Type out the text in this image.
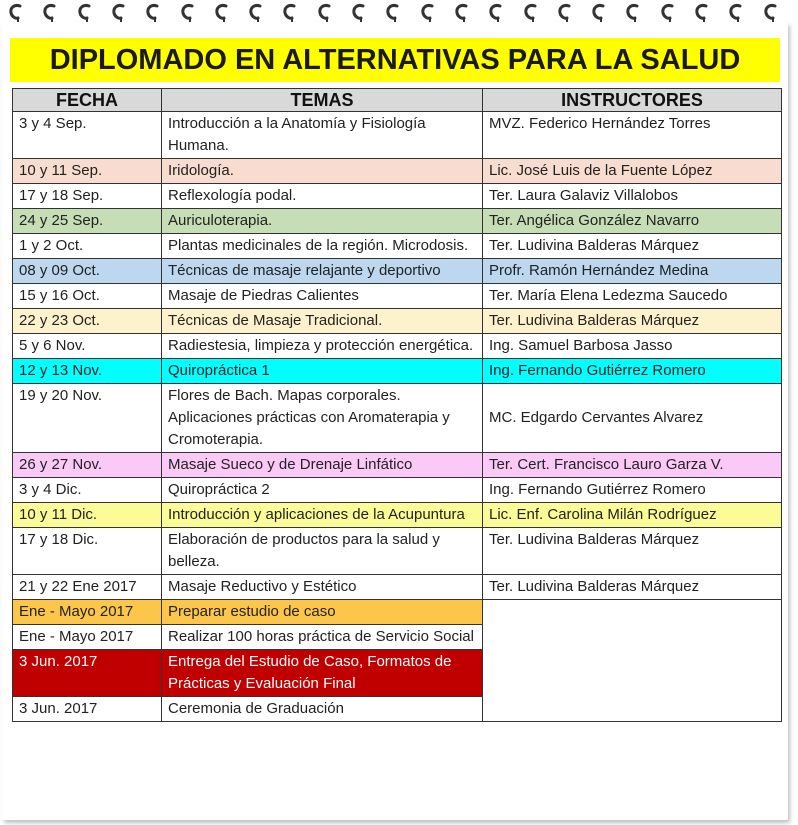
DIPLOMADO EN ALTERNATIVAS PARA LA SALUD
FECHA	TEMAS	INSTRUCTORES
3 y 4 Sep.	Introducción a la Anatomía y Fisiología Humana.	MVZ. Federico Hernández Torres
10 y 11 Sep.	Iridología.	Lic. José Luis de la Fuente López
17 y 18 Sep.	Reflexología podal.	Ter. Laura Galaviz Villalobos
24 y 25 Sep.	Auriculoterapia.	Ter. Angélica González Navarro
1 y 2 Oct.	Plantas medicinales de la región. Microdosis.	Ter. Ludivina Balderas Márquez
08 y 09 Oct.	Técnicas de masaje relajante y deportivo	Profr. Ramón Hernández Medina
15 y 16 Oct.	Masaje de Piedras Calientes	Ter. María Elena Ledezma Saucedo
22 y 23 Oct.	Técnicas de Masaje Tradicional.	Ter. Ludivina Balderas Márquez
5 y 6 Nov.	Radiestesia, limpieza y protección energética.	Ing. Samuel Barbosa Jasso
12 y 13 Nov.	Quiropráctica 1	Ing. Fernando Gutiérrez Romero
19 y 20 Nov.	Flores de Bach. Mapas corporales. Aplicaciones prácticas con Aromaterapia y Cromoterapia.	MC. Edgardo Cervantes Alvarez
26 y 27 Nov.	Masaje Sueco y de Drenaje Linfático	Ter. Cert. Francisco Lauro Garza V.
3 y 4 Dic.	Quiropráctica 2	Ing. Fernando Gutiérrez Romero
10 y 11 Dic.	Introducción y aplicaciones de la Acupuntura	Lic. Enf. Carolina Milán Rodríguez
17 y 18 Dic.	Elaboración de productos para la salud y belleza.	Ter. Ludivina Balderas Márquez
21 y 22 Ene 2017	Masaje Reductivo y Estético	Ter. Ludivina Balderas Márquez
Ene - Mayo 2017	Preparar estudio de caso	
Ene - Mayo 2017	Realizar 100 horas práctica de Servicio Social	
3 Jun. 2017	Entrega del Estudio de Caso, Formatos de Prácticas y Evaluación Final	
3 Jun. 2017	Ceremonia de Graduación	
